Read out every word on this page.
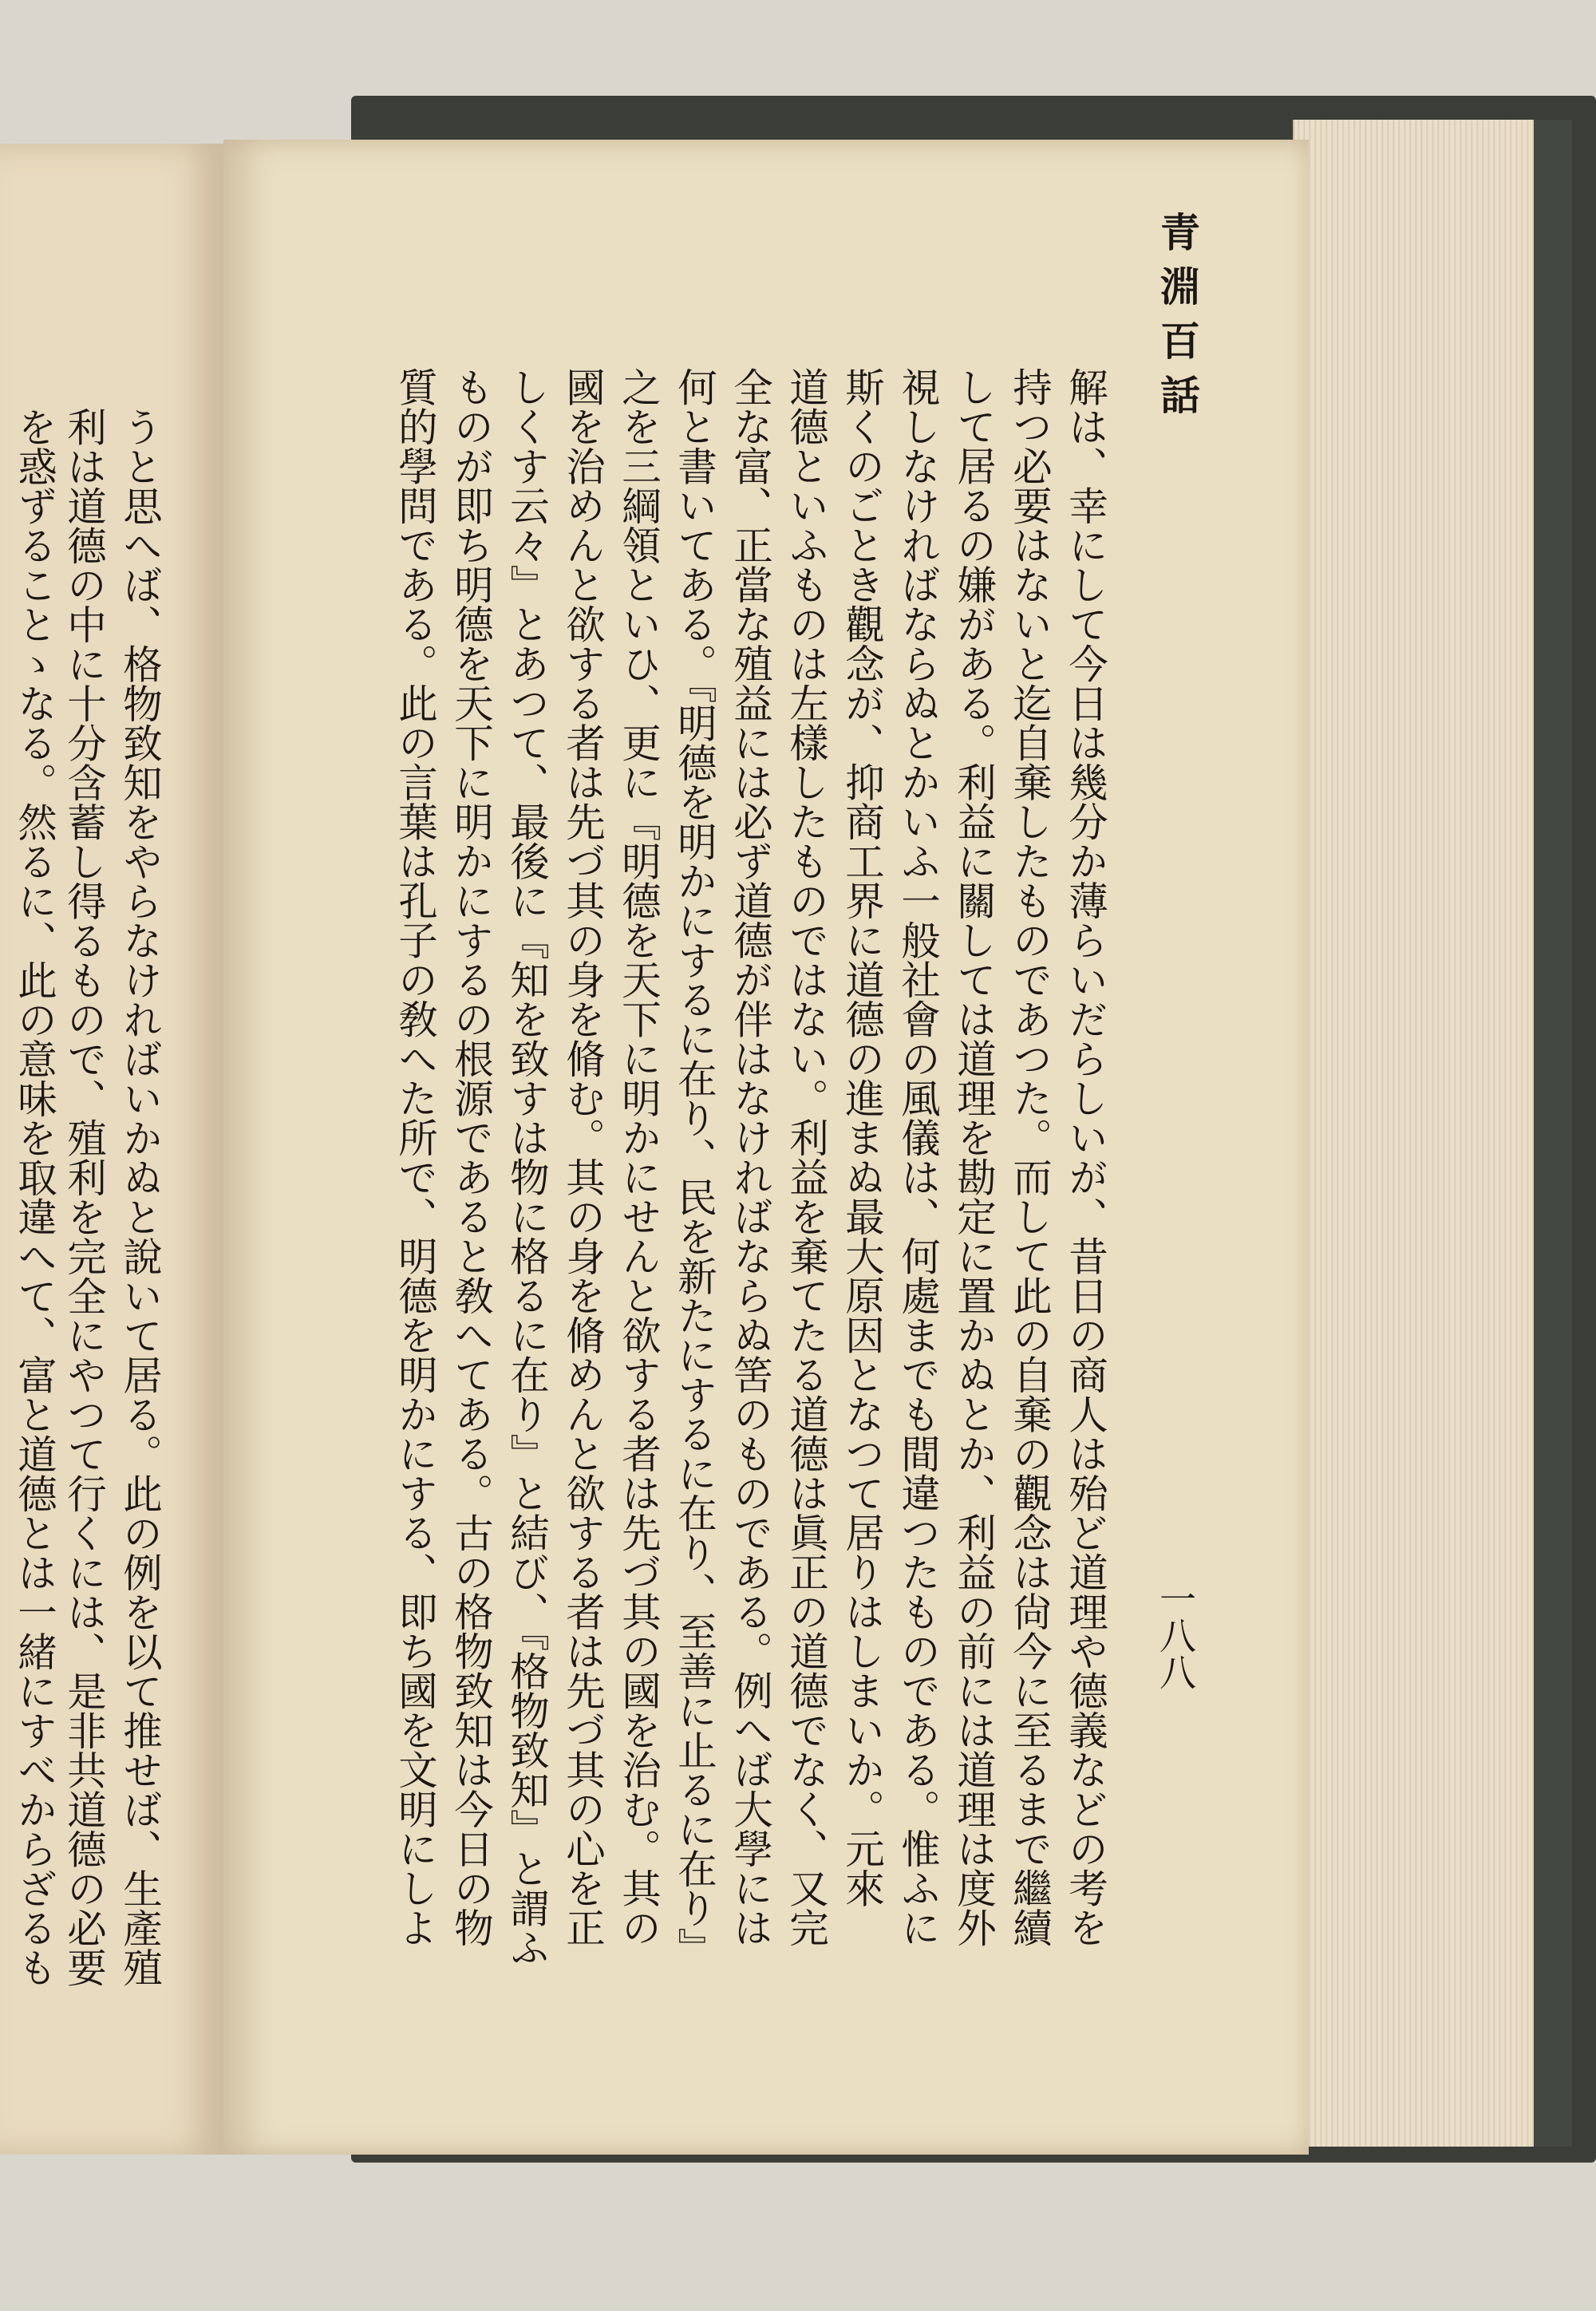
を惑ずることゝなる。然るに、此の意味を取違へて、富と道德とは一緒にすべからざるも 利は道德の中に十分含蓄し得るもので、殖利を完全にやつて行くには、是非共道德の必要 うと思へば、格物致知をやらなければいかぬと說いて居る。此の例を以て推せば、生產殖
青淵百話
一八八
解は、幸にして今日は幾分か薄らいだらしいが、昔日の商人は殆ど道理や德義などの考を
持つ必要はないと迄自棄したものであつた。而して此の自棄の觀念は尙今に至るまで繼續
して居るの嫌がある。利益に關しては道理を勘定に置かぬとか、利益の前には道理は度外
視しなければならぬとかいふ一般社會の風儀は、何處までも間違つたものである。惟ふに
斯くのごとき觀念が、抑商工界に道德の進まぬ最大原因となつて居りはしまいか。元來
道德といふものは左樣したものではない。利益を棄てたる道德は眞正の道德でなく、又完
全な富、正當な殖益には必ず道德が伴はなければならぬ筈のものである。例へば大學には
何と書いてある。『明德を明かにするに在り、民を新たにするに在り、至善に止るに在り』
之を三綱領といひ、更に『明德を天下に明かにせんと欲する者は先づ其の國を治む。其の
國を治めんと欲する者は先づ其の身を脩む。其の身を脩めんと欲する者は先づ其の心を正
しくす云々』とあつて、最後に『知を致すは物に格るに在り』と結び、『格物致知』と謂ふ
ものが即ち明德を天下に明かにするの根源であると敎へてある。古の格物致知は今日の物
質的學問である。此の言葉は孔子の敎へた所で、明德を明かにする、即ち國を文明にしよ
